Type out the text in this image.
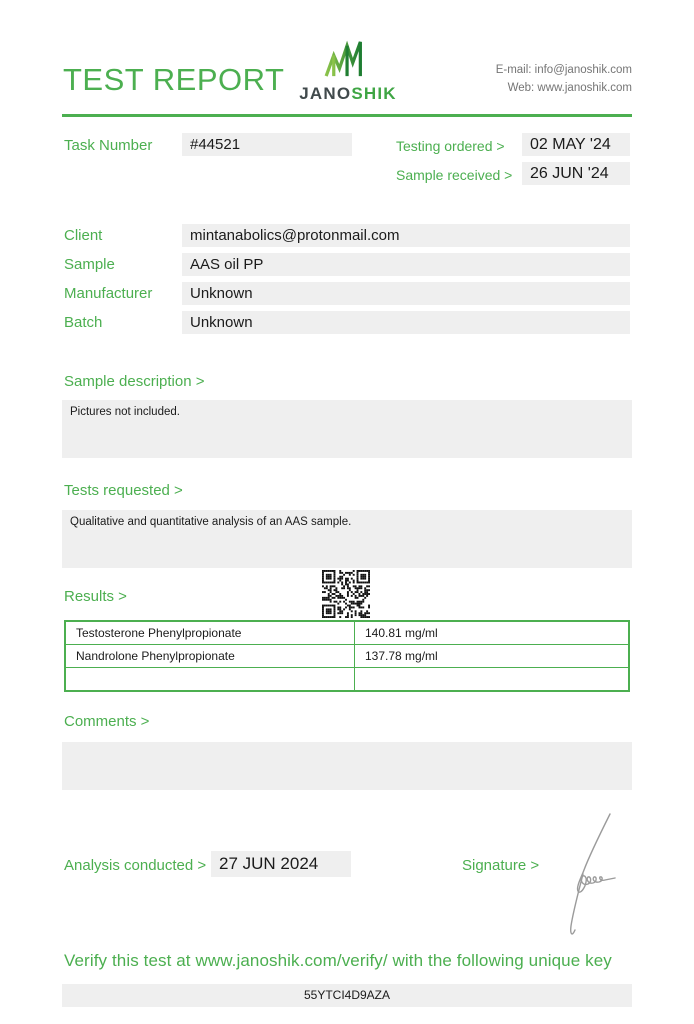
TEST REPORT JANOSHIK
E-mail: info@janoshik.com
Web: www.janoshik.com
Task Number	#44521	Testing ordered >	02 MAY '24
Sample received >	26 JUN '24
Client	mintanabolics@protonmail.com
Sample	AAS oil PP
Manufacturer	Unknown
Batch	Unknown
Sample description >
Pictures not included.
Tests requested >
Qualitative and quantitative analysis of an AAS sample.
Results >
Testosterone Phenylpropionate	140.81 mg/ml
Nandrolone Phenylpropionate	137.78 mg/ml

Comments >
Analysis conducted > 27 JUN 2024	Signature >
Verify this test at www.janoshik.com/verify/ with the following unique key
55YTCI4D9AZA
